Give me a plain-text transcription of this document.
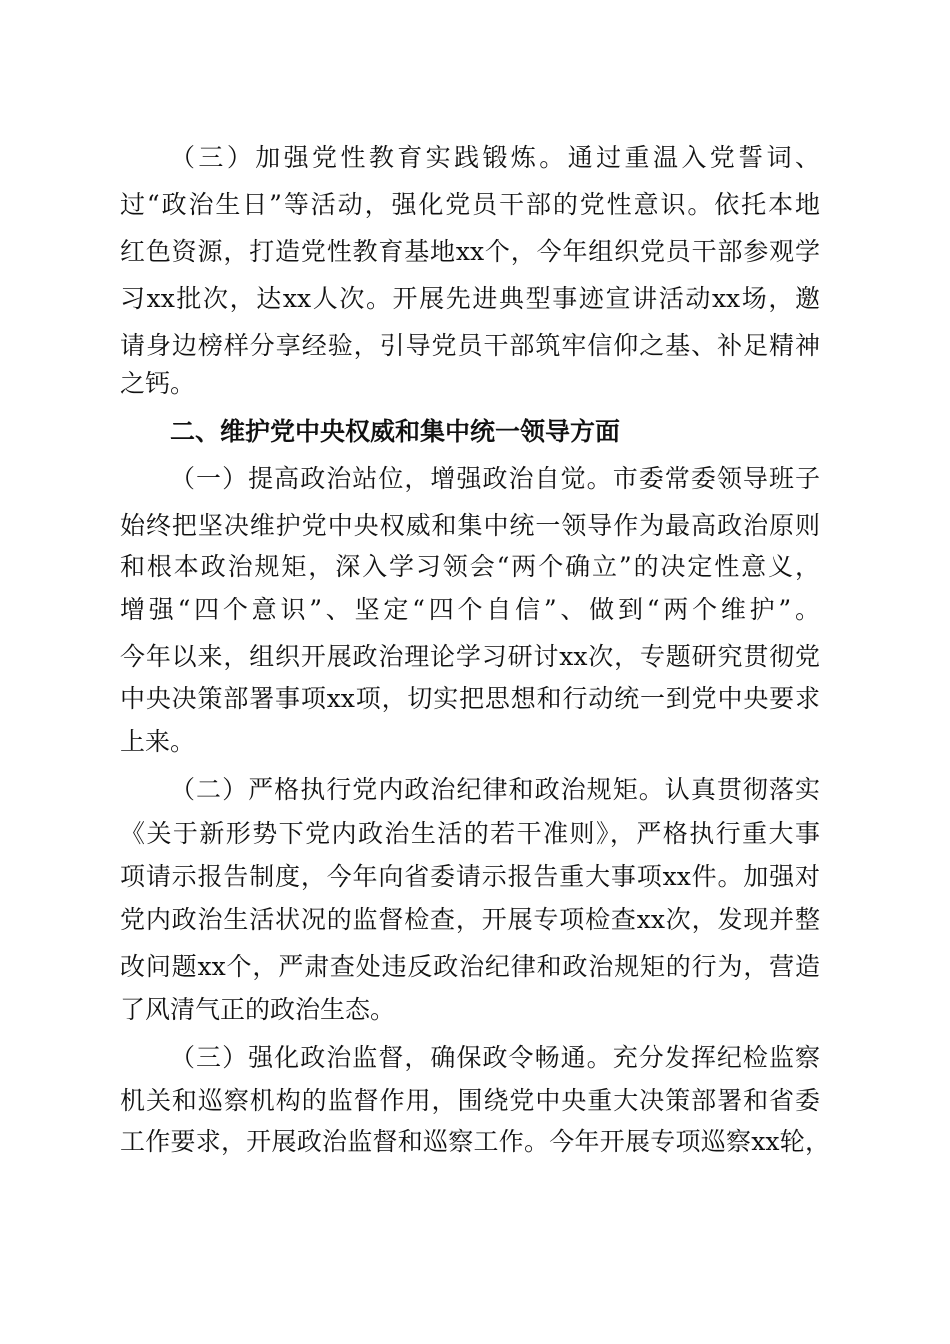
（三）加强党性教育实践锻炼。通过重温入党誓词、
过“政治生日”等活动，强化党员干部的党性意识。依托本地
红色资源，打造党性教育基地xx个，今年组织党员干部参观学
习xx批次，达xx人次。开展先进典型事迹宣讲活动xx场，邀
请身边榜样分享经验，引导党员干部筑牢信仰之基、补足精神
之钙。
二、维护党中央权威和集中统一领导方面
（一）提高政治站位，增强政治自觉。市委常委领导班子
始终把坚决维护党中央权威和集中统一领导作为最高政治原则
和根本政治规矩，深入学习领会“两个确立”的决定性意义，
增强“四个意识”、坚定“四个自信”、做到“两个维护”。
今年以来，组织开展政治理论学习研讨xx次，专题研究贯彻党
中央决策部署事项xx项，切实把思想和行动统一到党中央要求
上来。
（二）严格执行党内政治纪律和政治规矩。认真贯彻落实
《关于新形势下党内政治生活的若干准则》，严格执行重大事
项请示报告制度，今年向省委请示报告重大事项xx件。加强对
党内政治生活状况的监督检查，开展专项检查xx次，发现并整
改问题xx个，严肃查处违反政治纪律和政治规矩的行为，营造
了风清气正的政治生态。
（三）强化政治监督，确保政令畅通。充分发挥纪检监察
机关和巡察机构的监督作用，围绕党中央重大决策部署和省委
工作要求，开展政治监督和巡察工作。今年开展专项巡察xx轮，
